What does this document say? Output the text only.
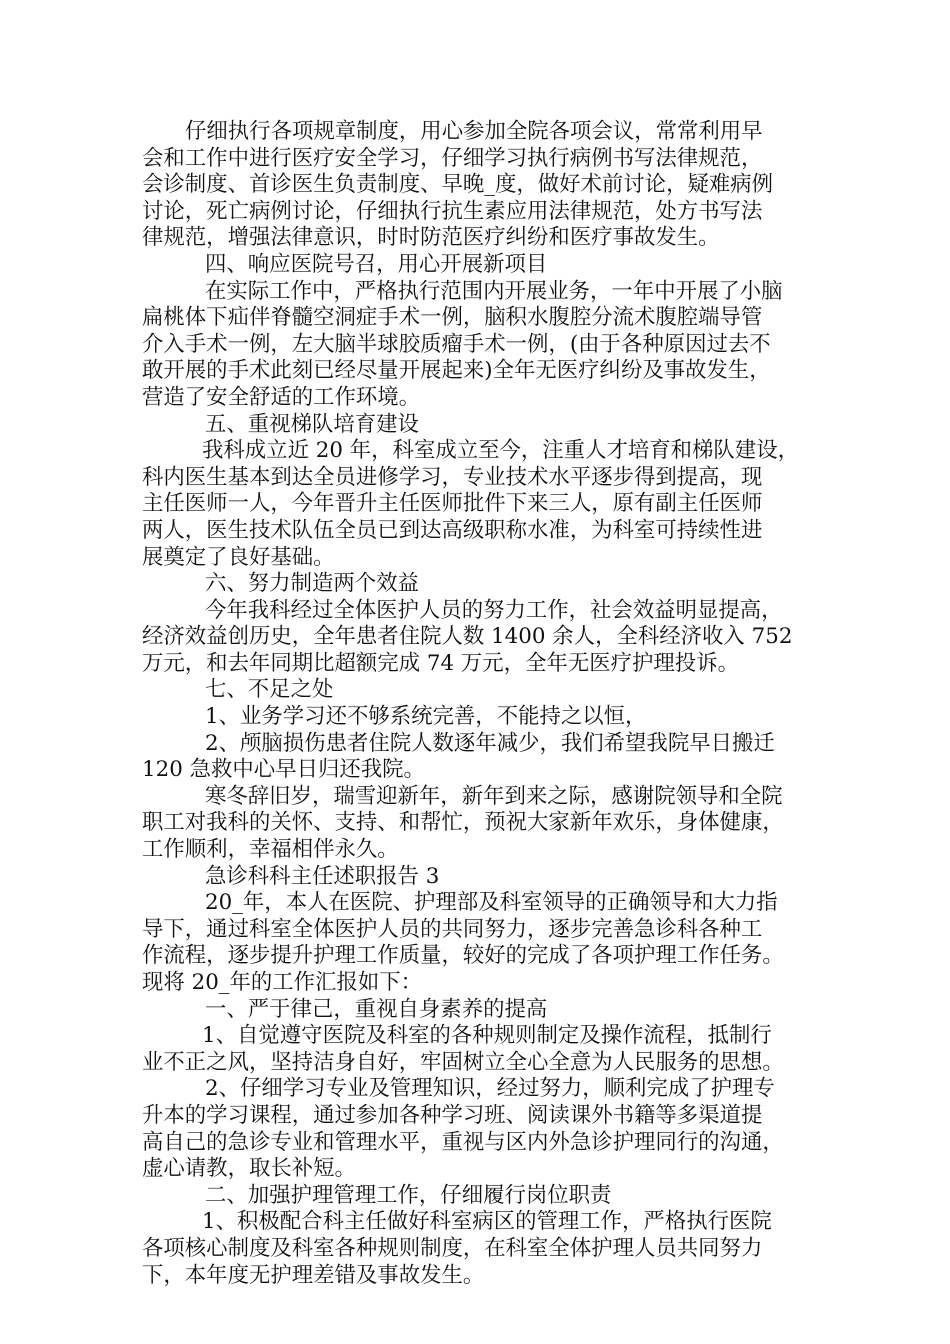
仔细执行各项规章制度，用心参加全院各项会议，常常利用早
会和工作中进行医疗安全学习，仔细学习执行病例书写法律规范，
会诊制度、首诊医生负责制度、早晚_度，做好术前讨论，疑难病例
讨论，死亡病例讨论，仔细执行抗生素应用法律规范，处方书写法
律规范，增强法律意识，时时防范医疗纠纷和医疗事故发生。
四、响应医院号召，用心开展新项目
在实际工作中，严格执行范围内开展业务，一年中开展了小脑
扁桃体下疝伴脊髓空洞症手术一例，脑积水腹腔分流术腹腔端导管
介入手术一例，左大脑半球胶质瘤手术一例，(由于各种原因过去不
敢开展的手术此刻已经尽量开展起来)全年无医疗纠纷及事故发生，
营造了安全舒适的工作环境。
五、重视梯队培育建设
我科成立近 20 年，科室成立至今，注重人才培育和梯队建设，
科内医生基本到达全员进修学习，专业技术水平逐步得到提高，现
主任医师一人，今年晋升主任医师批件下来三人，原有副主任医师
两人，医生技术队伍全员已到达高级职称水准，为科室可持续性进
展奠定了良好基础。
六、努力制造两个效益
今年我科经过全体医护人员的努力工作，社会效益明显提高，
经济效益创历史，全年患者住院人数 1400 余人，全科经济收入 752
万元，和去年同期比超额完成 74 万元，全年无医疗护理投诉。
七、不足之处
1、业务学习还不够系统完善，不能持之以恒，
2、颅脑损伤患者住院人数逐年减少，我们希望我院早日搬迁
120 急救中心早日归还我院。
寒冬辞旧岁，瑞雪迎新年，新年到来之际，感谢院领导和全院
职工对我科的关怀、支持、和帮忙，预祝大家新年欢乐，身体健康，
工作顺利，幸福相伴永久。
急诊科科主任述职报告 3
20_年，本人在医院、护理部及科室领导的正确领导和大力指
导下，通过科室全体医护人员的共同努力，逐步完善急诊科各种工
作流程，逐步提升护理工作质量，较好的完成了各项护理工作任务。
现将 20_年的工作汇报如下：
一、严于律己，重视自身素养的提高
1、自觉遵守医院及科室的各种规则制定及操作流程，抵制行
业不正之风，坚持洁身自好，牢固树立全心全意为人民服务的思想。
2、仔细学习专业及管理知识，经过努力，顺利完成了护理专
升本的学习课程，通过参加各种学习班、阅读课外书籍等多渠道提
高自己的急诊专业和管理水平，重视与区内外急诊护理同行的沟通，
虚心请教，取长补短。
二、加强护理管理工作，仔细履行岗位职责
1、积极配合科主任做好科室病区的管理工作，严格执行医院
各项核心制度及科室各种规则制度，在科室全体护理人员共同努力
下，本年度无护理差错及事故发生。
